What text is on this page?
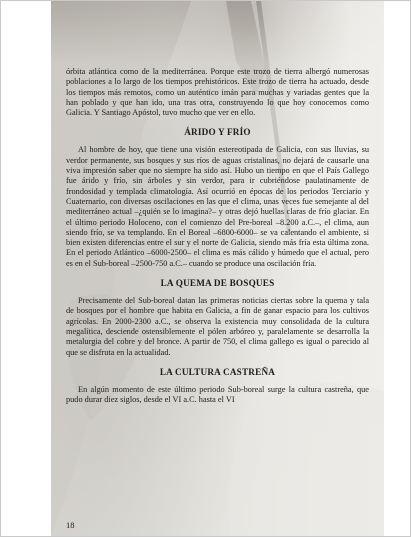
órbita atlántica como de la mediterránea. Porque este trozo de tierra albergó numerosas poblaciones a lo largo de los tiempos prehistóricos. Este trozo de tierra ha actuado, desde los tiempos más remotos, como un auténtico imán para muchas y variadas gentes que la han poblado y que han ido, una tras otra, construyendo lo que hoy conocemos como Galicia. Y Santiago Apóstol, tuvo mucho que ver en ello.

ÁRIDO Y FRÍO

Al hombre de hoy, que tiene una visión estereotipada de Galicia, con sus lluvias, su verdor permanente, sus bosques y sus ríos de aguas cristalinas, no dejará de causarle una viva impresión saber que no siempre ha sido así. Hubo un tiempo en que el País Gallego fue árido y frío, sin árboles y sin verdor, para ir cubriéndose paulatinamente de frondosidad y templada climatología. Así ocurrió en épocas de los periodos Terciario y Cuaternario, con diversas oscilaciones en las que el clima, unas veces fue semejante al del mediterráneo actual –¿quién se lo imagina?– y otras dejó huellas claras de frío glaciar. En el último periodo Holoceno, con el comienzo del Pre-boreal –8.200 a.C.–, el clima, aun siendo frío, se va templando. En el Boreal –6800-6000– se va calentando el ambiente, si bien existen diferencias entre el sur y el norte de Galicia, siendo más fría esta última zona. En el periodo Atlántico –6000-2500– el clima es más cálido y húmedo que el actual, pero es en el Sub-boreal –2500-750 a.C.– cuando se produce una oscilación fría.

LA QUEMA DE BOSQUES

Precisamente del Sub-boreal datan las primeras noticias ciertas sobre la quema y tala de bosques por el hombre que habita en Galicia, a fin de ganar espacio para los cultivos agrícolas. En 2000-2300 a.C., se observa la existencia muy consolidada de la cultura megalítica, desciende ostensiblemente el pólen arbóreo y, paralelamente se desarrolla la metalurgia del cobre y del bronce. A partir de 750, el clima gallego es igual o parecido al que se disfruta en la actualidad.

LA CULTURA CASTREÑA

En algún momento de este último periodo Sub-boreal surge la cultura castreña, que pudo durar diez siglos, desde el VI a.C. hasta el VI

18
